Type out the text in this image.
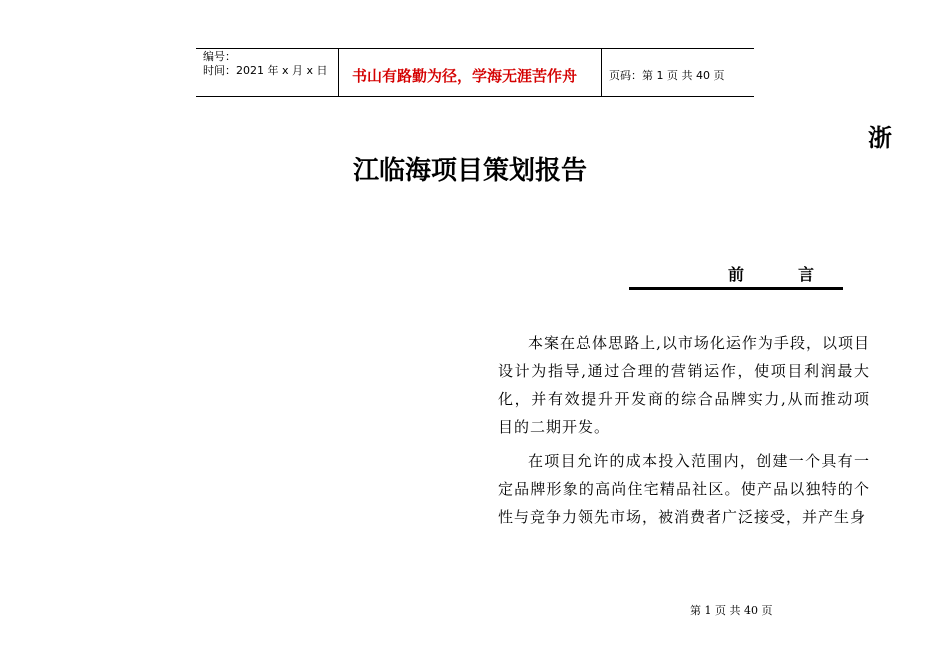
编号：
时间：2021 年 x 月 x 日 书山有路勤为径，学海无涯苦作舟	页码：第 1 页 共 40 页
浙
江临海项目策划报告
前言

本案在总体思路上,以市场化运作为手段，以项目设计为指导,通过合理的营销运作，使项目利润最大化，并有效提升开发商的综合品牌实力,从而推动项目的二期开发。

在项目允许的成本投入范围内，创建一个具有一定品牌形象的高尚住宅精品社区。使产品以独特的个性与竞争力领先市场，被消费者广泛接受，并产生身

第 1 页 共 40 页
